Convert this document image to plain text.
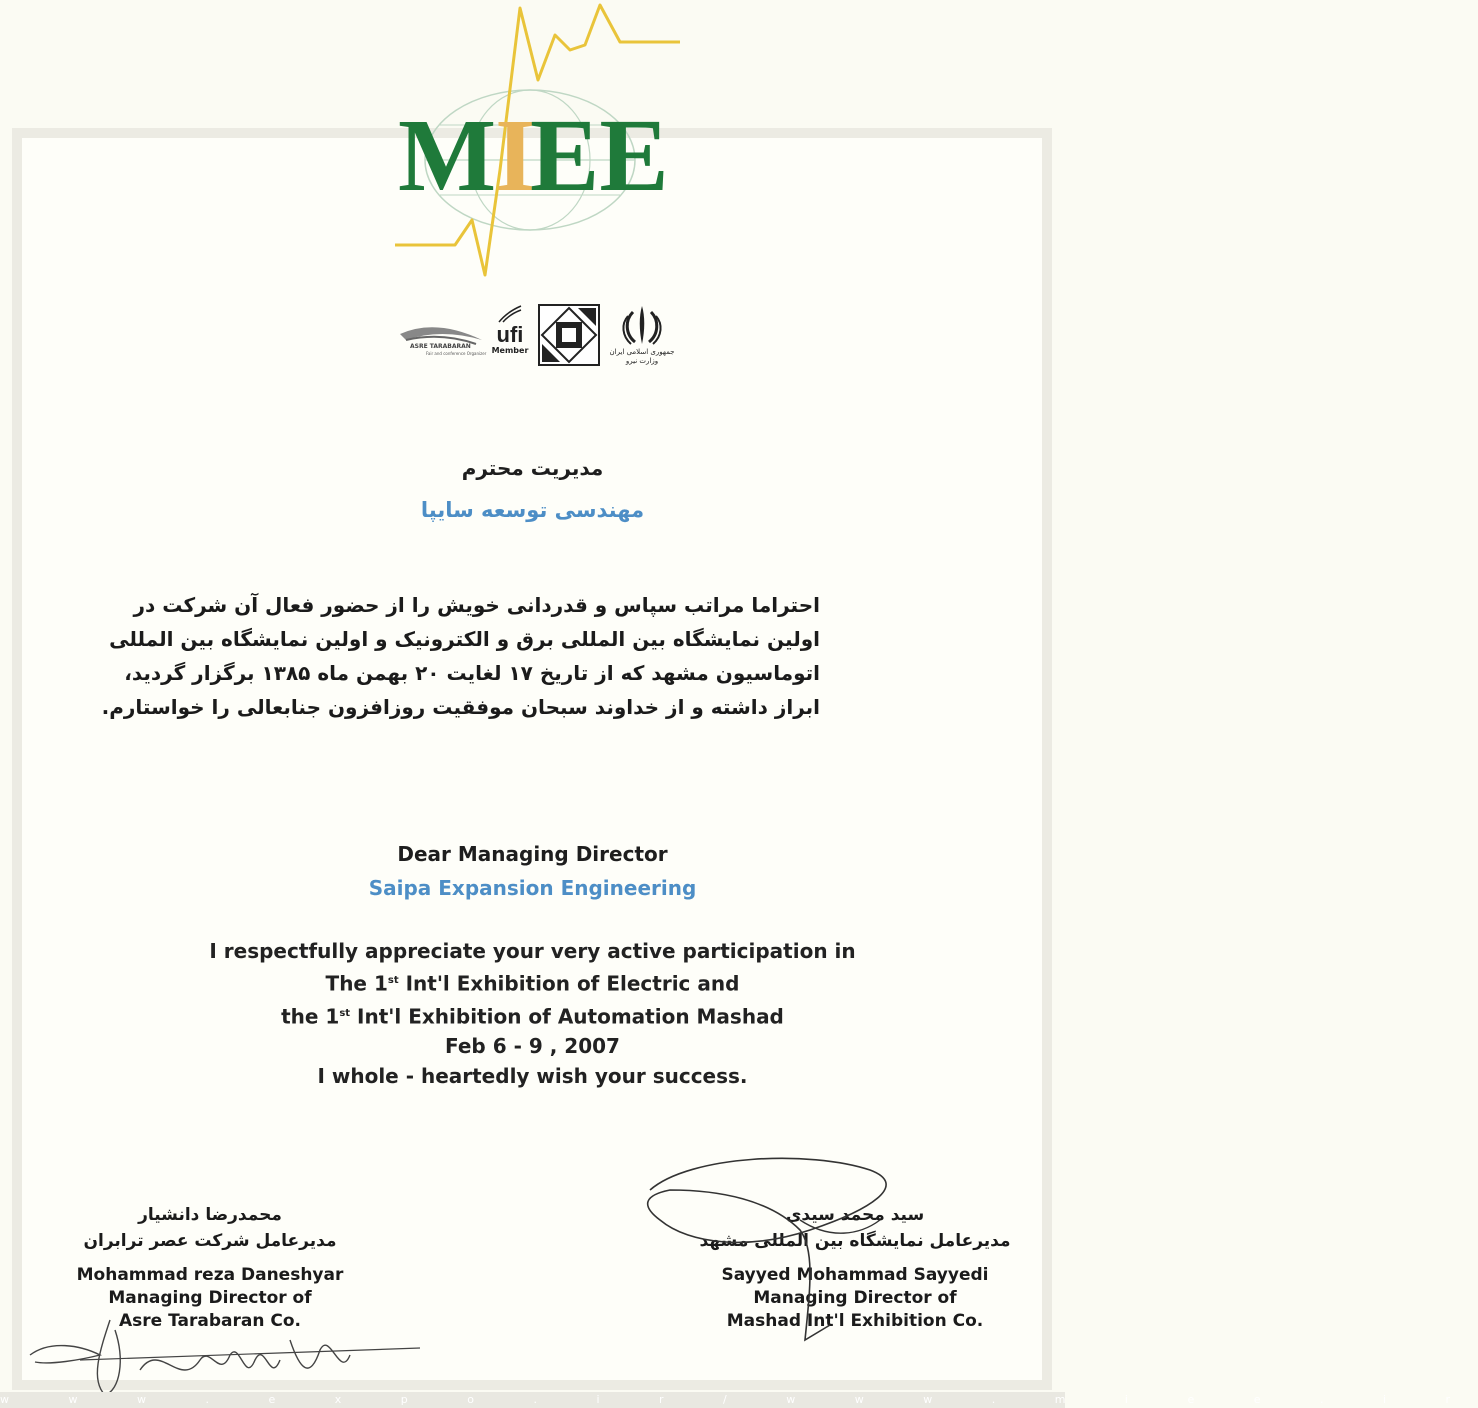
M
I
EE
ASRE TARABARAN
Fair and conference Organizer
ufi
Member	جمهوری اسلامی ایران
وزارت نیرو
مدیریت محترم
مهندسی توسعه سایپا
احتراما مراتب سپاس و قدردانی خویش را از حضور فعال آن شرکت در
اولین نمایشگاه بین المللی برق و الکترونیک و اولین نمایشگاه بین المللی
اتوماسیون مشهد که از تاریخ ۱۷ لغایت ۲۰ بهمن ماه ۱۳۸۵ برگزار گردید،
ابراز داشته و از خداوند سبحان موفقیت روزافزون جنابعالی را خواستارم.
Dear Managing Director
Saipa Expansion Engineering
I respectfully appreciate your very active participation in
The 1st Int'l Exhibition of Electric and
the 1st Int'l Exhibition of Automation Mashad
Feb 6 - 9 , 2007
I whole - heartedly wish your success.
محمدرضا دانشیار
مدیرعامل شرکت عصر ترابران
Mohammad reza Daneshyar
Managing Director of
Asre Tarabaran Co.
سید محمد سیدی
مدیرعامل نمایشگاه بین المللی مشهد
Sayyed Mohammad Sayyedi
Managing Director of
Mashad Int'l Exhibition Co.
w w w . e x p o . i r / w w w . m i e e . i r
